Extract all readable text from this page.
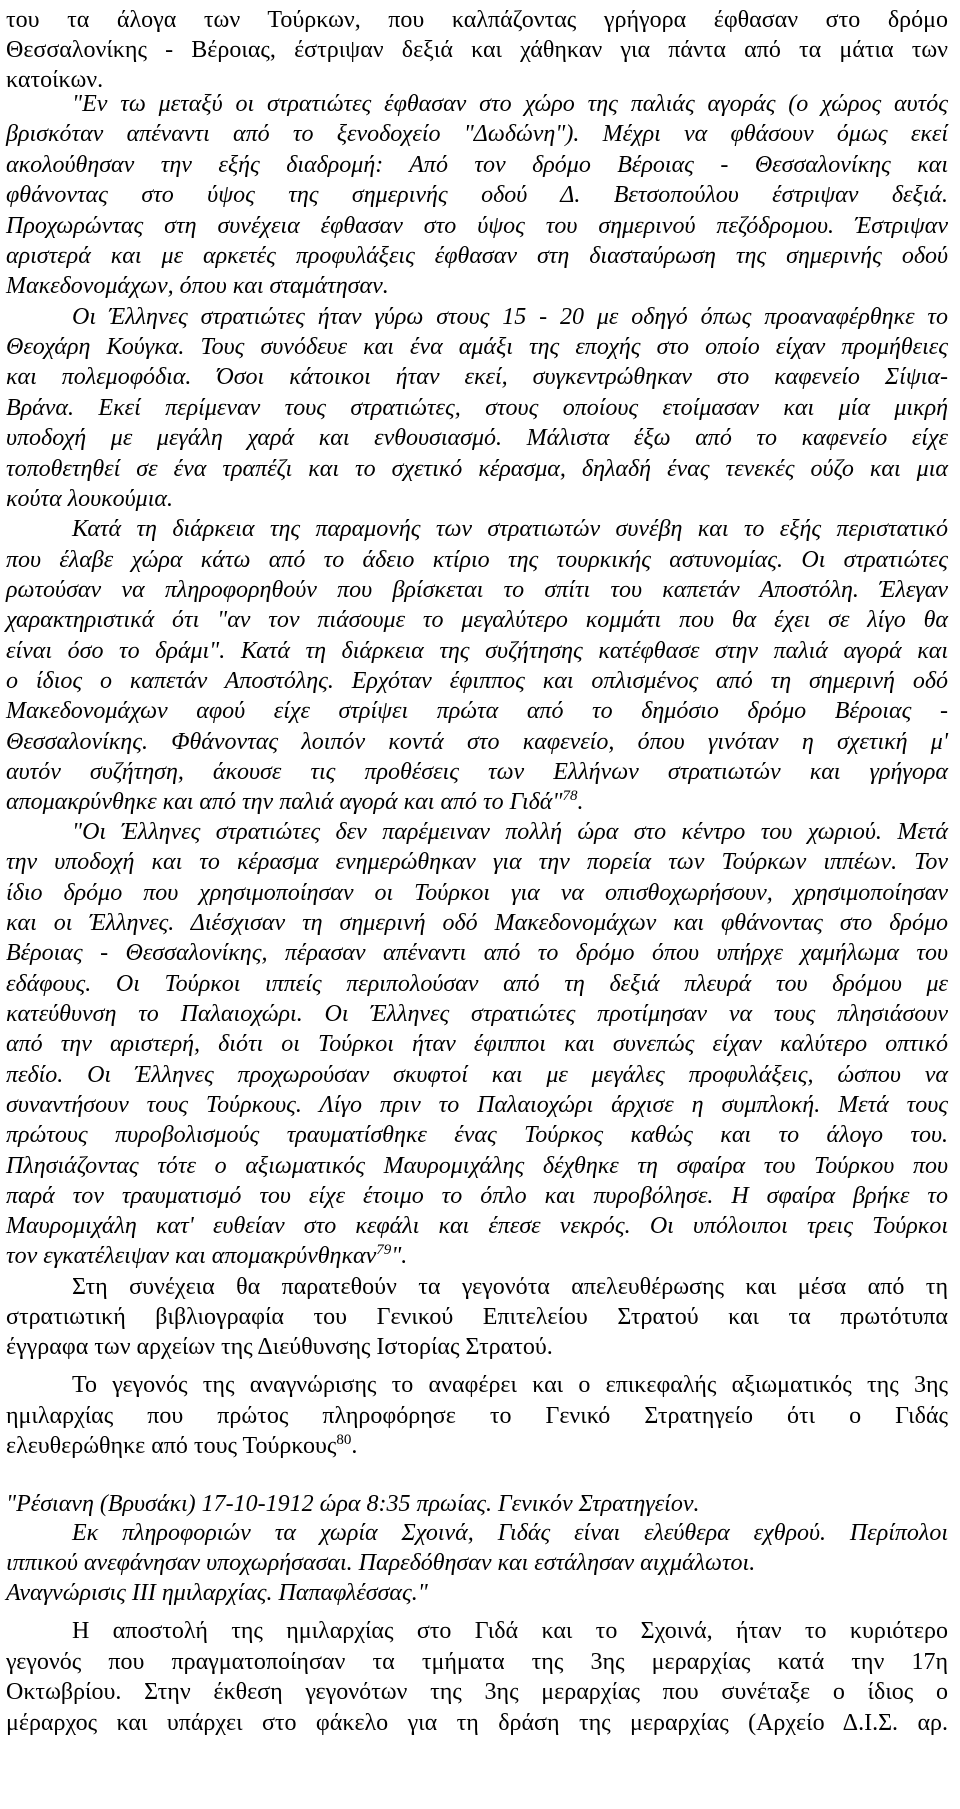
του τα άλογα των Τούρκων, που καλπάζοντας γρήγορα έφθασαν στο δρόμο
Θεσσαλονίκης - Βέροιας, έστριψαν δεξιά και χάθηκαν για πάντα από τα μάτια των
κατοίκων.
"Εν τω μεταξύ οι στρατιώτες έφθασαν στο χώρο της παλιάς αγοράς (ο χώρος αυτός
βρισκόταν απέναντι από το ξενοδοχείο "Δωδώνη"). Μέχρι να φθάσουν όμως εκεί
ακολούθησαν την εξής διαδρομή: Από τον δρόμο Βέροιας - Θεσσαλονίκης και
φθάνοντας στο ύψος της σημερινής οδού Δ. Βετσοπούλου έστριψαν δεξιά.
Προχωρώντας στη συνέχεια έφθασαν στο ύψος του σημερινού πεζόδρομου. Έστριψαν
αριστερά και με αρκετές προφυλάξεις έφθασαν στη διασταύρωση της σημερινής οδού
Μακεδονομάχων, όπου και σταμάτησαν.
Οι Έλληνες στρατιώτες ήταν γύρω στους 15 - 20 με οδηγό όπως προαναφέρθηκε το
Θεοχάρη Κούγκα. Τους συνόδευε και ένα αμάξι της εποχής στο οποίο είχαν προμήθειες
και πολεμοφόδια. Όσοι κάτοικοι ήταν εκεί, συγκεντρώθηκαν στο καφενείο Σίψια-
Βράνα. Εκεί περίμεναν τους στρατιώτες, στους οποίους ετοίμασαν και μία μικρή
υποδοχή με μεγάλη χαρά και ενθουσιασμό. Μάλιστα έξω από το καφενείο είχε
τοποθετηθεί σε ένα τραπέζι και το σχετικό κέρασμα, δηλαδή ένας τενεκές ούζο και μια
κούτα λουκούμια.
Κατά τη διάρκεια της παραμονής των στρατιωτών συνέβη και το εξής περιστατικό
που έλαβε χώρα κάτω από το άδειο κτίριο της τουρκικής αστυνομίας. Οι στρατιώτες
ρωτούσαν να πληροφορηθούν που βρίσκεται το σπίτι του καπετάν Αποστόλη. Έλεγαν
χαρακτηριστικά ότι "αν τον πιάσουμε το μεγαλύτερο κομμάτι που θα έχει σε λίγο θα
είναι όσο το δράμι". Κατά τη διάρκεια της συζήτησης κατέφθασε στην παλιά αγορά και
ο ίδιος ο καπετάν Αποστόλης. Ερχόταν έφιππος και οπλισμένος από τη σημερινή οδό
Μακεδονομάχων αφού είχε στρίψει πρώτα από το δημόσιο δρόμο Βέροιας -
Θεσσαλονίκης. Φθάνοντας λοιπόν κοντά στο καφενείο, όπου γινόταν η σχετική μ'
αυτόν συζήτηση, άκουσε τις προθέσεις των Ελλήνων στρατιωτών και γρήγορα
απομακρύνθηκε και από την παλιά αγορά και από το Γιδά"$^{78}$.
"Οι Έλληνες στρατιώτες δεν παρέμειναν πολλή ώρα στο κέντρο του χωριού. Μετά
την υποδοχή και το κέρασμα ενημερώθηκαν για την πορεία των Τούρκων ιππέων. Τον
ίδιο δρόμο που χρησιμοποίησαν οι Τούρκοι για να οπισθοχωρήσουν, χρησιμοποίησαν
και οι Έλληνες. Διέσχισαν τη σημερινή οδό Μακεδονομάχων και φθάνοντας στο δρόμο
Βέροιας - Θεσσαλονίκης, πέρασαν απέναντι από το δρόμο όπου υπήρχε χαμήλωμα του
εδάφους. Οι Τούρκοι ιππείς περιπολούσαν από τη δεξιά πλευρά του δρόμου με
κατεύθυνση το Παλαιοχώρι. Οι Έλληνες στρατιώτες προτίμησαν να τους πλησιάσουν
από την αριστερή, διότι οι Τούρκοι ήταν έφιπποι και συνεπώς είχαν καλύτερο οπτικό
πεδίο. Οι Έλληνες προχωρούσαν σκυφτοί και με μεγάλες προφυλάξεις, ώσπου να
συναντήσουν τους Τούρκους. Λίγο πριν το Παλαιοχώρι άρχισε η συμπλοκή. Μετά τους
πρώτους πυροβολισμούς τραυματίσθηκε ένας Τούρκος καθώς και το άλογο του.
Πλησιάζοντας τότε ο αξιωματικός Μαυρομιχάλης δέχθηκε τη σφαίρα του Τούρκου που
παρά τον τραυματισμό του είχε έτοιμο το όπλο και πυροβόλησε. Η σφαίρα βρήκε το
Μαυρομιχάλη κατ' ευθείαν στο κεφάλι και έπεσε νεκρός. Οι υπόλοιποι τρεις Τούρκοι
τον εγκατέλειψαν και απομακρύνθηκαν$^{79}$".
Στη συνέχεια θα παρατεθούν τα γεγονότα απελευθέρωσης και μέσα από τη
στρατιωτική βιβλιογραφία του Γενικού Επιτελείου Στρατού και τα πρωτότυπα
έγγραφα των αρχείων της Διεύθυνσης Ιστορίας Στρατού.
Το γεγονός της αναγνώρισης το αναφέρει και ο επικεφαλής αξιωματικός της 3ης
ημιλαρχίας που πρώτος πληροφόρησε το Γενικό Στρατηγείο ότι ο Γιδάς
ελευθερώθηκε από τους Τούρκους$^{80}$.
"Ρέσιανη (Βρυσάκι) 17-10-1912 ώρα 8:35 πρωίας. Γενικόν Στρατηγείον.
Εκ πληροφοριών τα χωρία Σχοινά, Γιδάς είναι ελεύθερα εχθρού. Περίπολοι
ιππικού ανεφάνησαν υποχωρήσασαι. Παρεδόθησαν και εστάλησαν αιχμάλωτοι.
Αναγνώρισις ΙΙΙ ημιλαρχίας. Παπαφλέσσας."
Η αποστολή της ημιλαρχίας στο Γιδά και το Σχοινά, ήταν το κυριότερο
γεγονός που πραγματοποίησαν τα τμήματα της 3ης μεραρχίας κατά την 17η
Οκτωβρίου. Στην έκθεση γεγονότων της 3ης μεραρχίας που συνέταξε ο ίδιος ο
μέραρχος και υπάρχει στο φάκελο για τη δράση της μεραρχίας (Αρχείο Δ.Ι.Σ. αρ.
